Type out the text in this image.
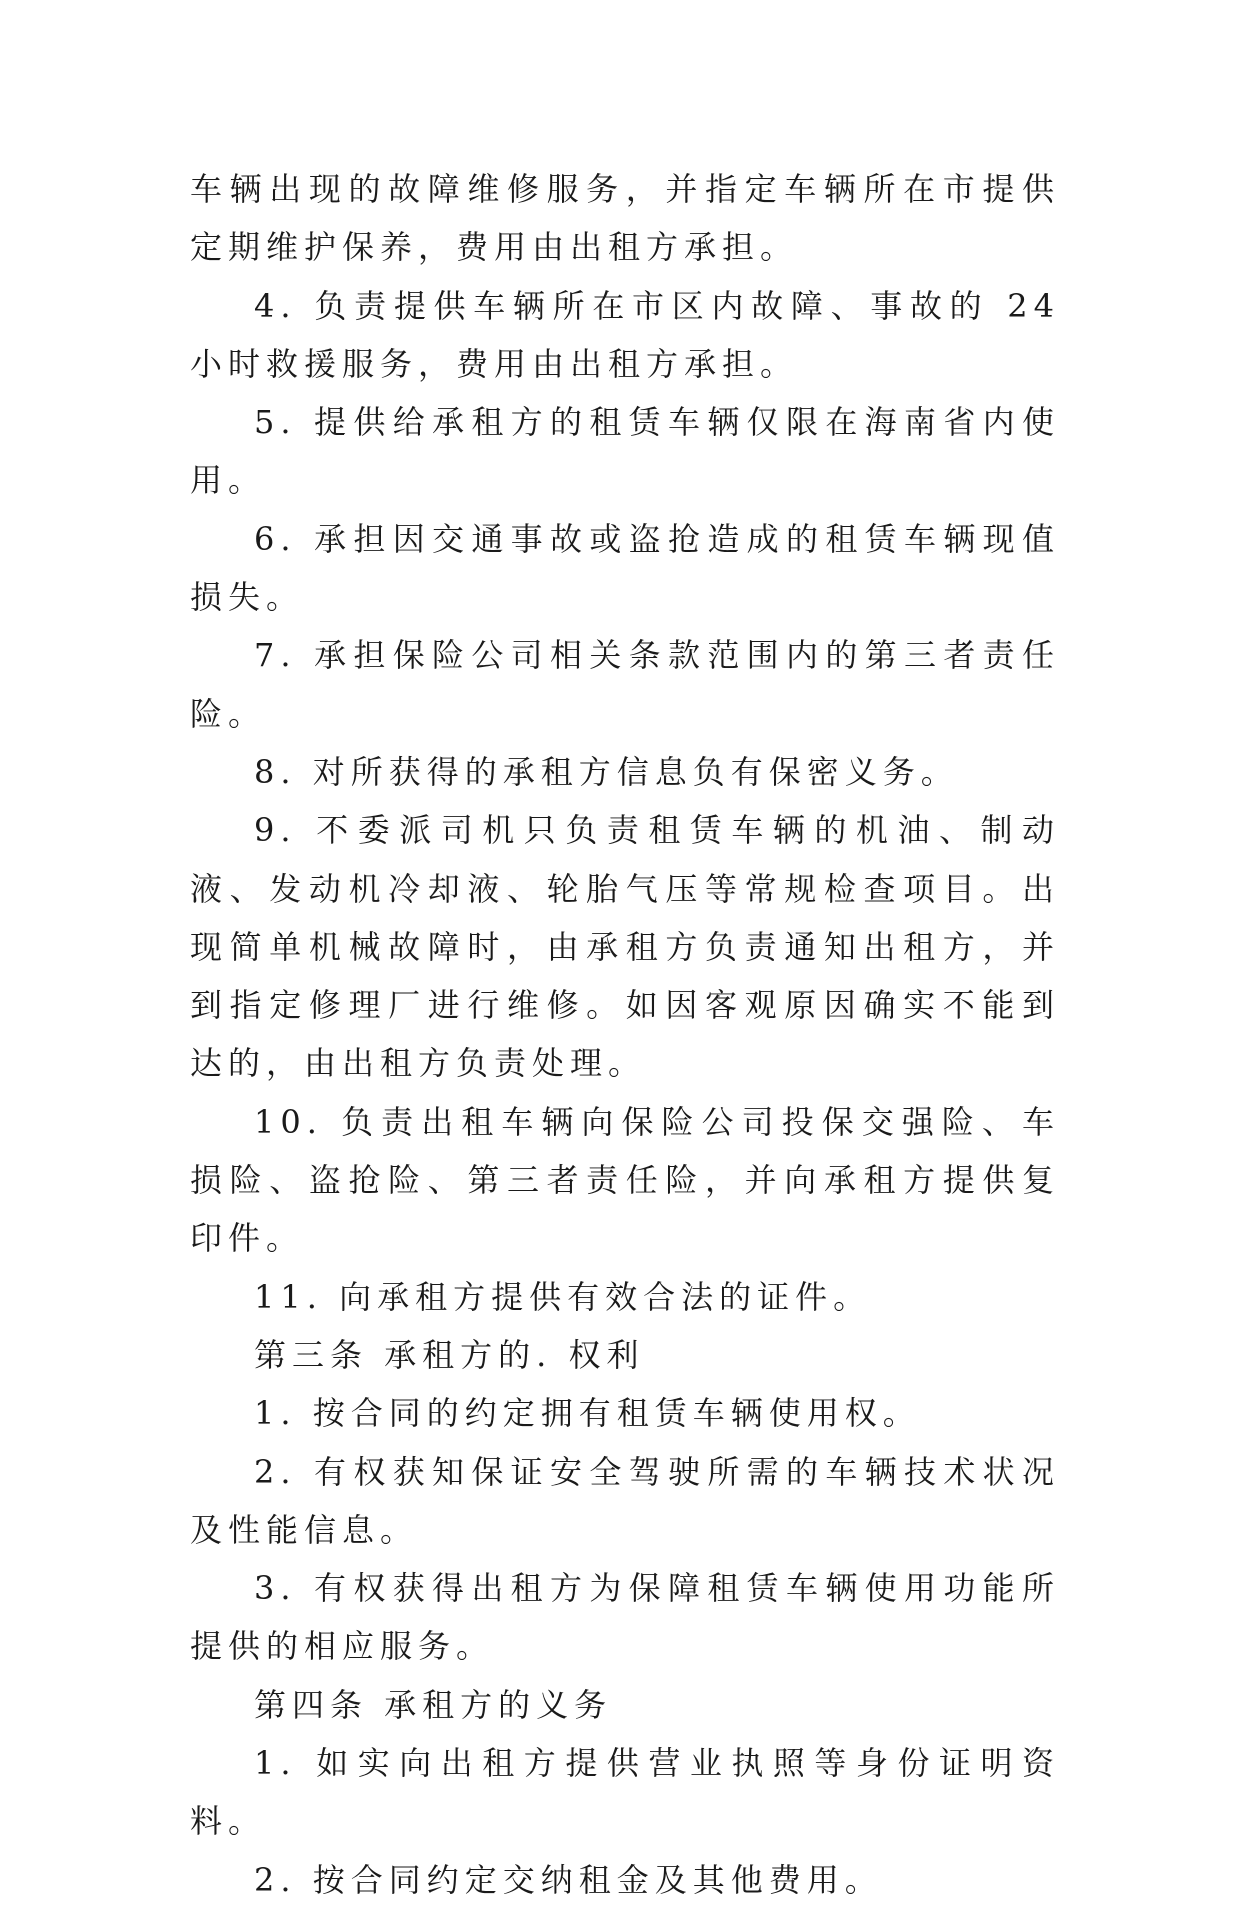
车辆出现的故障维修服务，并指定车辆所在市提供定期维护保养，费用由出租方承担。

4. 负责提供车辆所在市区内故障、事故的 24 小时救援服务，费用由出租方承担。

5. 提供给承租方的租赁车辆仅限在海南省内使用。

6. 承担因交通事故或盗抢造成的租赁车辆现值损失。

7. 承担保险公司相关条款范围内的第三者责任险。

8. 对所获得的承租方信息负有保密义务。

9. 不委派司机只负责租赁车辆的机油、制动液、发动机冷却液、轮胎气压等常规检查项目。出现简单机械故障时，由承租方负责通知出租方，并到指定修理厂进行维修。如因客观原因确实不能到达的，由出租方负责处理。

10. 负责出租车辆向保险公司投保交强险、车损险、盗抢险、第三者责任险，并向承租方提供复印件。

11. 向承租方提供有效合法的证件。

第三条 承租方的. 权利

1. 按合同的约定拥有租赁车辆使用权。

2. 有权获知保证安全驾驶所需的车辆技术状况及性能信息。

3. 有权获得出租方为保障租赁车辆使用功能所提供的相应服务。

第四条 承租方的义务

1. 如实向出租方提供营业执照等身份证明资料。

2. 按合同约定交纳租金及其他费用。
